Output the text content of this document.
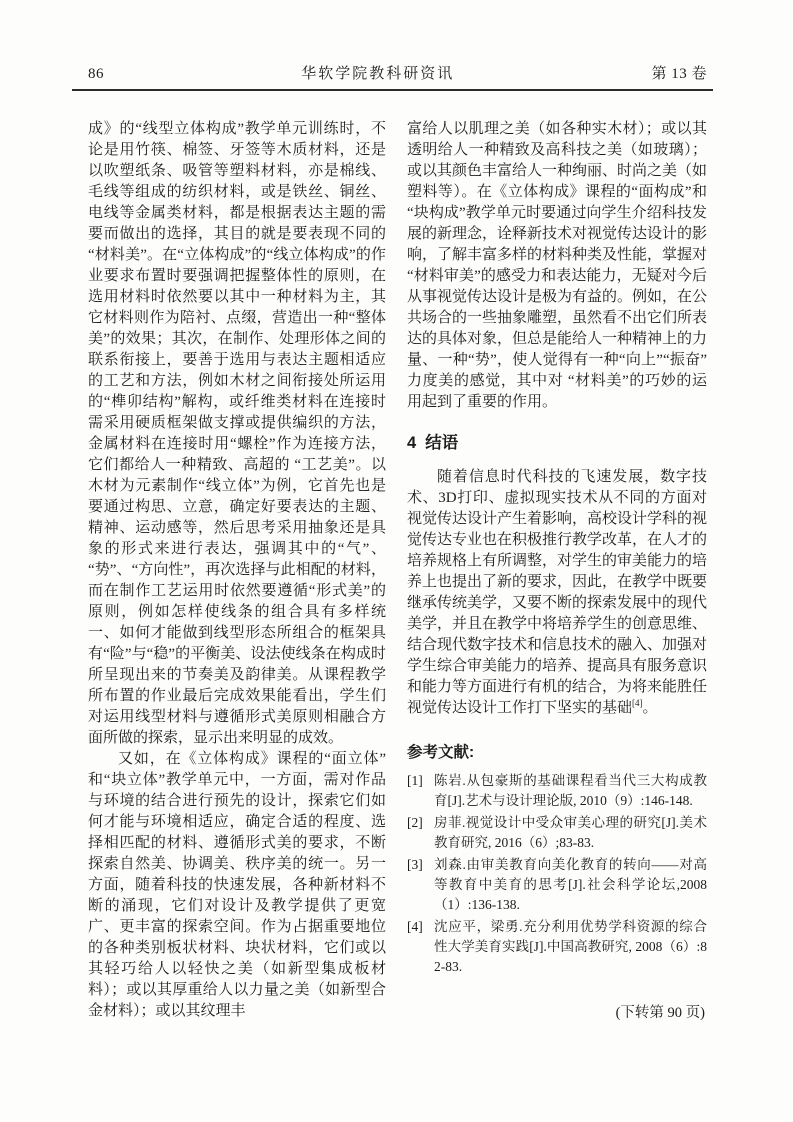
86	华软学院教科研资讯	第 13 卷

成》的“线型立体构成”教学单元训练时，不论是用竹筷、棉签、牙签等木质材料，还是以吹塑纸条、吸管等塑料材料，亦是棉线、毛线等组成的纺织材料，或是铁丝、铜丝、电线等金属类材料，都是根据表达主题的需要而做出的选择，其目的就是要表现不同的“材料美”。在“立体构成”的“线立体构成”的作业要求布置时要强调把握整体性的原则，在选用材料时依然要以其中一种材料为主，其它材料则作为陪衬、点缀，营造出一种“整体美”的效果；其次，在制作、处理形体之间的联系衔接上，要善于选用与表达主题相适应的工艺和方法，例如木材之间衔接处所运用的“榫卯结构”解构，或纤维类材料在连接时需采用硬质框架做支撑或提供编织的方法，金属材料在连接时用“螺栓”作为连接方法，它们都给人一种精致、高超的 “工艺美”。以木材为元素制作“线立体”为例，它首先也是要通过构思、立意，确定好要表达的主题、精神、运动感等，然后思考采用抽象还是具象的形式来进行表达，强调其中的“气”、“势”、“方向性”，再次选择与此相配的材料，而在制作工艺运用时依然要遵循“形式美”的原则，例如怎样使线条的组合具有多样统一、如何才能做到线型形态所组合的框架具有“险”与“稳”的平衡美、设法使线条在构成时所呈现出来的节奏美及韵律美。从课程教学所布置的作业最后完成效果能看出，学生们对运用线型材料与遵循形式美原则相融合方面所做的探索，显示出来明显的成效。

又如，在《立体构成》课程的“面立体”和“块立体”教学单元中，一方面，需对作品与环境的结合进行预先的设计，探索它们如何才能与环境相适应，确定合适的程度、选择相匹配的材料、遵循形式美的要求，不断探索自然美、协调美、秩序美的统一。另一方面，随着科技的快速发展，各种新材料不断的涌现，它们对设计及教学提供了更宽广、更丰富的探索空间。作为占据重要地位的各种类别板状材料、块状材料，它们或以其轻巧给人以轻快之美（如新型集成板材料）；或以其厚重给人以力量之美（如新型合金材料）；或以其纹理丰

富给人以肌理之美（如各种实木材）；或以其透明给人一种精致及高科技之美（如玻璃）；或以其颜色丰富给人一种绚丽、时尚之美（如塑料等）。在《立体构成》课程的“面构成”和“块构成”教学单元时要通过向学生介绍科技发展的新理念，诠释新技术对视觉传达设计的影响，了解丰富多样的材料种类及性能，掌握对“材料审美”的感受力和表达能力，无疑对今后从事视觉传达设计是极为有益的。例如，在公共场合的一些抽象雕塑，虽然看不出它们所表达的具体对象，但总是能给人一种精神上的力量、一种“势”，使人觉得有一种“向上”“振奋”力度美的感觉，其中对 “材料美”的巧妙的运用起到了重要的作用。

4 结语

随着信息时代科技的飞速发展，数字技术、3D打印、虚拟现实技术从不同的方面对视觉传达设计产生着影响，高校设计学科的视觉传达专业也在积极推行教学改革，在人才的培养规格上有所调整，对学生的审美能力的培养上也提出了新的要求，因此，在教学中既要继承传统美学，又要不断的探索发展中的现代美学，并且在教学中将培养学生的创意思维、结合现代数字技术和信息技术的融入、加强对学生综合审美能力的培养、提高具有服务意识和能力等方面进行有机的结合，为将来能胜任视觉传达设计工作打下坚实的基础[4]。

参考文献:
[1] 陈岩.从包豪斯的基础课程看当代三大构成教育[J].艺术与设计理论版, 2010（9）:146-148.
[2] 房菲.视觉设计中受众审美心理的研究[J].美术教育研究, 2016（6）;83-83.
[3] 刘森.由审美教育向美化教育的转向——对高等教育中美育的思考[J].社会科学论坛,2008（1）:136-138.
[4] 沈应平，梁勇.充分利用优势学科资源的综合性大学美育实践[J].中国高教研究, 2008（6）:82-83.
(下转第 90 页)
